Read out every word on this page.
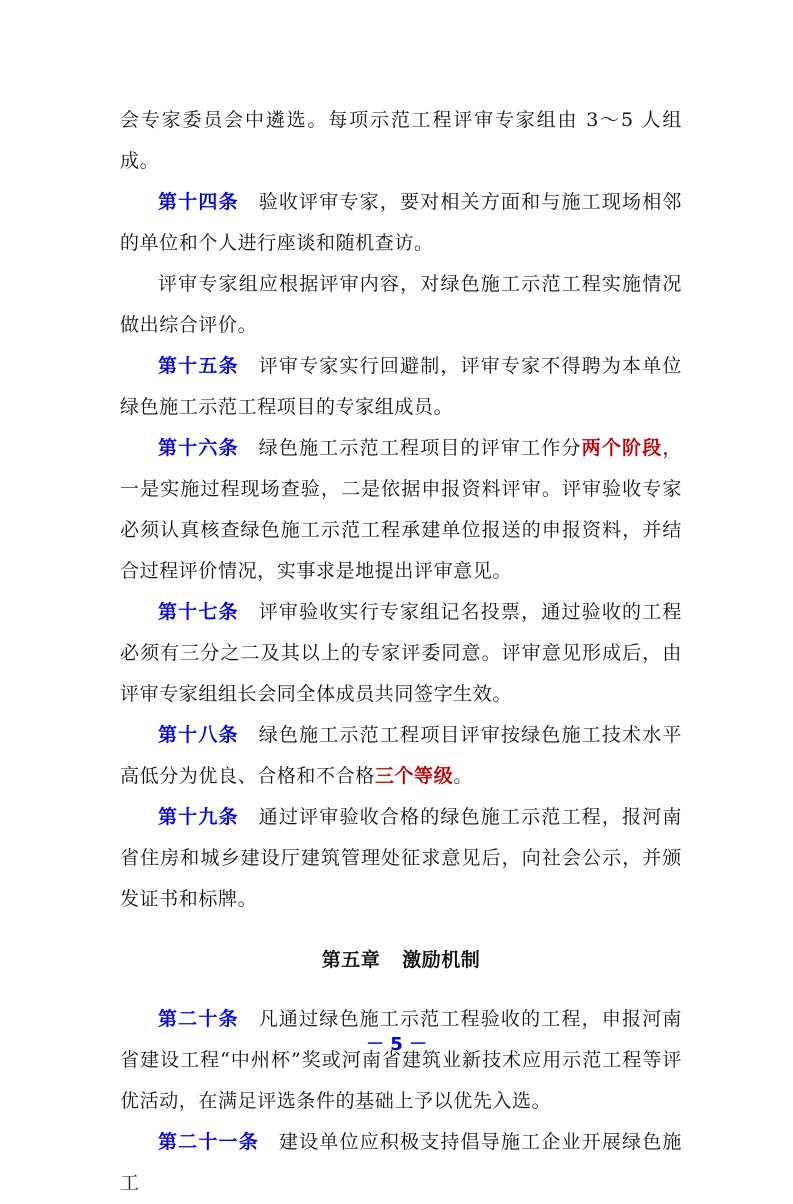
会专家委员会中遴选。每项示范工程评审专家组由 3～5 人组成。

第十四条 验收评审专家，要对相关方面和与施工现场相邻的单位和个人进行座谈和随机查访。

评审专家组应根据评审内容，对绿色施工示范工程实施情况做出综合评价。

第十五条 评审专家实行回避制，评审专家不得聘为本单位绿色施工示范工程项目的专家组成员。

第十六条 绿色施工示范工程项目的评审工作分两个阶段，一是实施过程现场查验，二是依据申报资料评审。评审验收专家必须认真核查绿色施工示范工程承建单位报送的申报资料，并结合过程评价情况，实事求是地提出评审意见。

第十七条 评审验收实行专家组记名投票，通过验收的工程必须有三分之二及其以上的专家评委同意。评审意见形成后，由评审专家组组长会同全体成员共同签字生效。

第十八条 绿色施工示范工程项目评审按绿色施工技术水平高低分为优良、合格和不合格三个等级。

第十九条 通过评审验收合格的绿色施工示范工程，报河南省住房和城乡建设厅建筑管理处征求意见后，向社会公示，并颁发证书和标牌。

第五章 激励机制

第二十条 凡通过绿色施工示范工程验收的工程，申报河南省建设工程“中州杯”奖或河南省建筑业新技术应用示范工程等评优活动，在满足评选条件的基础上予以优先入选。

第二十一条 建设单位应积极支持倡导施工企业开展绿色施工

－ 5 －
